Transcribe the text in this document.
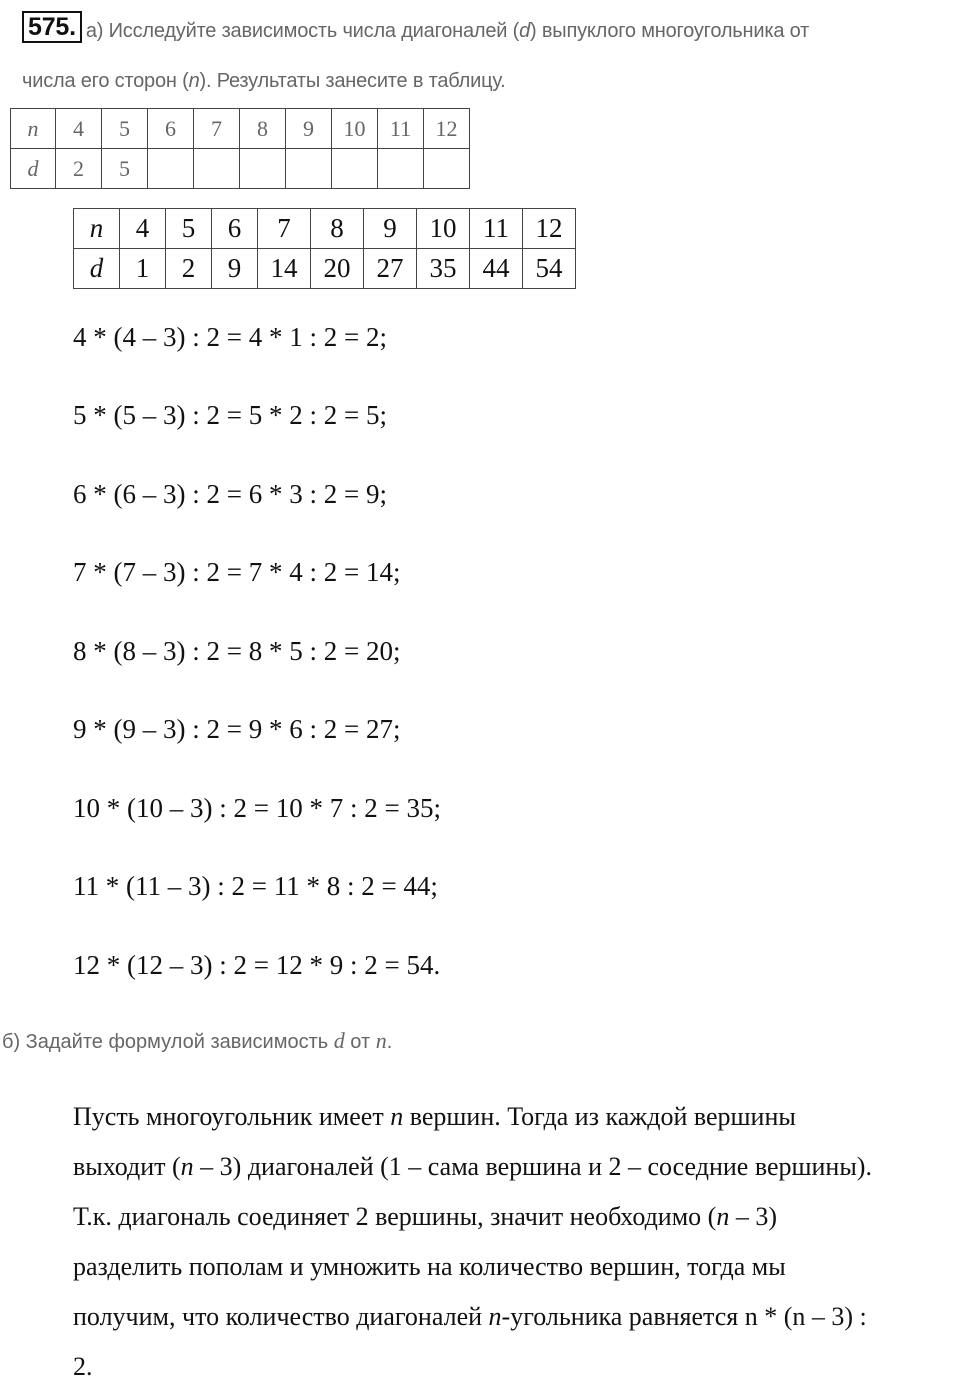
575. а) Исследуйте зависимость числа диагоналей (d) выпуклого многоугольника от
числа его сторон (n). Результаты занесите в таблицу.
n	4	5	6	7	8	9	10	11	12
d	2	5							
n	4	5	6	7	8	9	10	11	12
d	1	2	9	14	20	27	35	44	54
4 * (4 – 3) : 2 = 4 * 1 : 2 = 2;
5 * (5 – 3) : 2 = 5 * 2 : 2 = 5;
6 * (6 – 3) : 2 = 6 * 3 : 2 = 9;
7 * (7 – 3) : 2 = 7 * 4 : 2 = 14;
8 * (8 – 3) : 2 = 8 * 5 : 2 = 20;
9 * (9 – 3) : 2 = 9 * 6 : 2 = 27;
10 * (10 – 3) : 2 = 10 * 7 : 2 = 35;
11 * (11 – 3) : 2 = 11 * 8 : 2 = 44;
12 * (12 – 3) : 2 = 12 * 9 : 2 = 54.
б) Задайте формулой зависимость d от n.

Пусть многоугольник имеет n вершин. Тогда из каждой вершины

выходит (n – 3) диагоналей (1 – сама вершина и 2 – соседние вершины).

Т.к. диагональ соединяет 2 вершины, значит необходимо (n – 3)

разделить пополам и умножить на количество вершин, тогда мы

получим, что количество диагоналей n-угольника равняется n * (n – 3) :

2.
